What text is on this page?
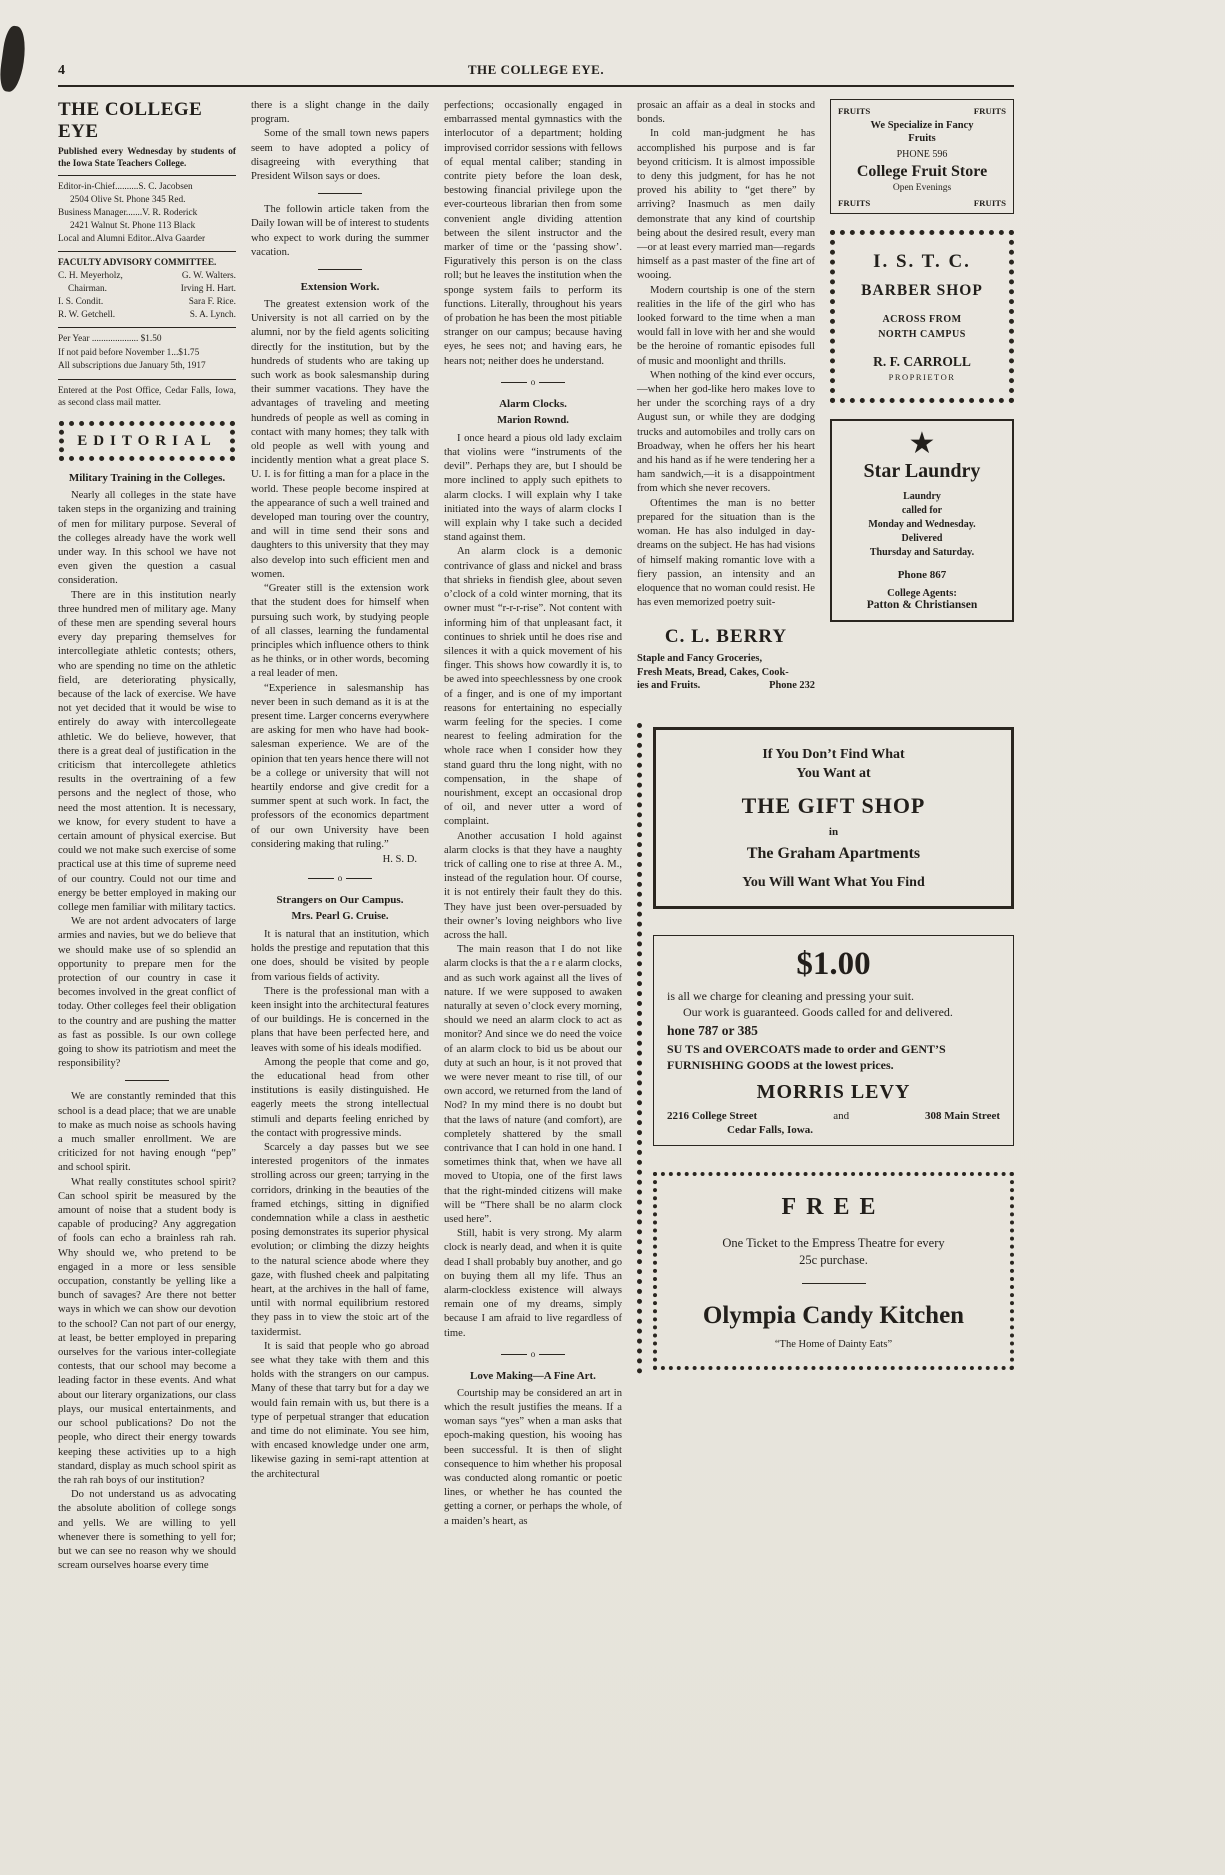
4	THE COLLEGE EYE.
THE COLLEGE EYE

Published every Wednesday by students of the Iowa State Teachers College.

Editor-in-Chief..........S. C. Jacobsen
2504 Olive St. Phone 345 Red.
Business Manager.......V. R. Roderick
2421 Walnut St. Phone 113 Black
Local and Alumni Editor..Alva Gaarder
FACULTY ADVISORY COMMITTEE.
C. H. Meyerholz,	G. W. Walters.
Chairman.	Irving H. Hart.
I. S. Condit.	Sara F. Rice.
R. W. Getchell.	S. A. Lynch.
Per Year .................... $1.50
If not paid before November 1...$1.75
All subscriptions due January 5th, 1917

Entered at the Post Office, Cedar Falls, Iowa, as second class mail matter.

EDITORIAL
Military Training in the Colleges.

Nearly all colleges in the state have taken steps in the organizing and training of men for military purpose. Several of the colleges already have the work well under way. In this school we have not even given the question a casual consideration.

There are in this institution nearly three hundred men of military age. Many of these men are spending several hours every day preparing themselves for intercollegiate athletic contests; others, who are spending no time on the athletic field, are deteriorating physically, because of the lack of exercise. We have not yet decided that it would be wise to entirely do away with intercollegeate athletic. We do believe, however, that there is a great deal of justification in the criticism that intercollegete athletics results in the overtraining of a few persons and the neglect of those, who need the most attention. It is necessary, we know, for every student to have a certain amount of physical exercise. But could we not make such exercise of some practical use at this time of supreme need of our country. Could not our time and energy be better employed in making our college men familiar with military tactics.

We are not ardent advocaters of large armies and navies, but we do believe that we should make use of so splendid an opportunity to prepare men for the protection of our country in case it becomes involved in the great conflict of today. Other colleges feel their obligation to the country and are pushing the matter as fast as possible. Is our own college going to show its patriotism and meet the responsibility?

We are constantly reminded that this school is a dead place; that we are unable to make as much noise as schools having a much smaller enrollment. We are criticized for not having enough “pep” and school spirit.

What really constitutes school spirit? Can school spirit be measured by the amount of noise that a student body is capable of producing? Any aggregation of fools can echo a brainless rah rah. Why should we, who pretend to be engaged in a more or less sensible occupation, constantly be yelling like a bunch of savages? Are there not better ways in which we can show our devotion to the school? Can not part of our energy, at least, be better employed in preparing ourselves for the various inter-collegiate contests, that our school may become a leading factor in these events. And what about our literary organizations, our class plays, our musical entertainments, and our school publications? Do not the people, who direct their energy towards keeping these activities up to a high standard, display as much school spirit as the rah rah boys of our institution?

Do not understand us as advocating the absolute abolition of college songs and yells. We are willing to yell whenever there is something to yell for; but we can see no reason why we should scream ourselves hoarse every time

there is a slight change in the daily program.

Some of the small town news papers seem to have adopted a policy of disagreeing with everything that President Wilson says or does.

The followin article taken from the Daily Iowan will be of interest to students who expect to work during the summer vacation.

Extension Work.

The greatest extension work of the University is not all carried on by the alumni, nor by the field agents soliciting directly for the institution, but by the hundreds of students who are taking up such work as book salesmanship during their summer vacations. They have the advantages of traveling and meeting hundreds of people as well as coming in contact with many homes; they talk with old people as well with young and incidently mention what a great place S. U. I. is for fitting a man for a place in the world. These people become inspired at the appearance of such a well trained and developed man touring over the country, and will in time send their sons and daughters to this university that they may also develop into such efficient men and women.

“Greater still is the extension work that the student does for himself when pursuing such work, by studying people of all classes, learning the fundamental principles which influence others to think as he thinks, or in other words, becoming a real leader of men.

“Experience in salesmanship has never been in such demand as it is at the present time. Larger concerns everywhere are asking for men who have had book-salesman experience. We are of the opinion that ten years hence there will not be a college or university that will not heartily endorse and give credit for a summer spent at such work. In fact, the professors of the economics department of our own University have been considering making that ruling.”

H. S. D.
o
Strangers on Our Campus.
Mrs. Pearl G. Cruise.

It is natural that an institution, which holds the prestige and reputation that this one does, should be visited by people from various fields of activity.

There is the professional man with a keen insight into the architectural features of our buildings. He is concerned in the plans that have been perfected here, and leaves with some of his ideals modified.

Among the people that come and go, the educational head from other institutions is easily distinguished. He eagerly meets the strong intellectual stimuli and departs feeling enriched by the contact with progressive minds.

Scarcely a day passes but we see interested progenitors of the inmates strolling across our green; tarrying in the corridors, drinking in the beauties of the framed etchings, sitting in dignified condemnation while a class in aesthetic posing demonstrates its superior physical evolution; or climbing the dizzy heights to the natural science abode where they gaze, with flushed cheek and palpitating heart, at the archives in the hall of fame, until with normal equilibrium restored they pass in to view the stoic art of the taxidermist.

It is said that people who go abroad see what they take with them and this holds with the strangers on our campus. Many of these that tarry but for a day we would fain remain with us, but there is a type of perpetual stranger that education and time do not eliminate. You see him, with encased knowledge under one arm, likewise gazing in semi-rapt attention at the architectural

perfections; occasionally engaged in embarrassed mental gymnastics with the interlocutor of a department; holding improvised corridor sessions with fellows of equal mental caliber; standing in contrite piety before the loan desk, bestowing financial privilege upon the ever-courteous librarian then from some convenient angle dividing attention between the silent instructor and the marker of time or the ‘passing show’. Figuratively this person is on the class roll; but he leaves the institution when the sponge system fails to perform its functions. Literally, throughout his years of probation he has been the most pitiable stranger on our campus; because having eyes, he sees not; and having ears, he hears not; neither does he understand.

o
Alarm Clocks.
Marion Rownd.

I once heard a pious old lady exclaim that violins were “instruments of the devil”. Perhaps they are, but I should be more inclined to apply such epithets to alarm clocks. I will explain why I take initiated into the ways of alarm clocks I will explain why I take such a decided stand against them.

An alarm clock is a demonic contrivance of glass and nickel and brass that shrieks in fiendish glee, about seven o’clock of a cold winter morning, that its owner must “r-r-r-rise”. Not content with informing him of that unpleasant fact, it continues to shriek until he does rise and silences it with a quick movement of his finger. This shows how cowardly it is, to be awed into speechlessness by one crook of a finger, and is one of my important reasons for entertaining no especially warm feeling for the species. I come nearest to feeling admiration for the whole race when I consider how they stand guard thru the long night, with no compensation, in the shape of nourishment, except an occasional drop of oil, and never utter a word of complaint.

Another accusation I hold against alarm clocks is that they have a naughty trick of calling one to rise at three A. M., instead of the regulation hour. Of course, it is not entirely their fault they do this. They have just been over-persuaded by their owner’s loving neighbors who live across the hall.

The main reason that I do not like alarm clocks is that the a r e alarm clocks, and as such work against all the lives of nature. If we were supposed to awaken naturally at seven o’clock every morning, should we need an alarm clock to act as monitor? And since we do need the voice of an alarm clock to bid us be about our duty at such an hour, is it not proved that we were never meant to rise till, of our own accord, we returned from the land of Nod? In my mind there is no doubt but that the laws of nature (and comfort), are completely shattered by the small contrivance that I can hold in one hand. I sometimes think that, when we have all moved to Utopia, one of the first laws that the right-minded citizens will make will be “There shall be no alarm clock used here”.

Still, habit is very strong. My alarm clock is nearly dead, and when it is quite dead I shall probably buy another, and go on buying them all my life. Thus an alarm-clockless existence will always remain one of my dreams, simply because I am afraid to live regardless of time.

o
Love Making—A Fine Art.

Courtship may be considered an art in which the result justifies the means. If a woman says “yes” when a man asks that epoch-making question, his wooing has been successful. It is then of slight consequence to him whether his proposal was conducted along romantic or poetic lines, or whether he has counted the getting a corner, or perhaps the whole, of a maiden’s heart, as

prosaic an affair as a deal in stocks and bonds.

In cold man-judgment he has accomplished his purpose and is far beyond criticism. It is almost impossible to deny this judgment, for has he not proved his ability to “get there” by arriving? Inasmuch as men daily demonstrate that any kind of courtship being about the desired result, every man—or at least every married man—regards himself as a past master of the fine art of wooing.

Modern courtship is one of the stern realities in the life of the girl who has looked forward to the time when a man would fall in love with her and she would be the heroine of romantic episodes full of music and moonlight and thrills.

When nothing of the kind ever occurs,—when her god-like hero makes love to her under the scorching rays of a dry August sun, or while they are dodging trucks and automobiles and trolly cars on Broadway, when he offers her his heart and his hand as if he were tendering her a ham sandwich,—it is a disappointment from which she never recovers.

Oftentimes the man is no better prepared for the situation than is the woman. He has also indulged in day-dreams on the subject. He has had visions of himself making romantic love with a fiery passion, an intensity and an eloquence that no woman could resist. He has even memorized poetry suit-

C. L. BERRY
Staple and Fancy Groceries,
Fresh Meats, Bread, Cakes, Cook-
ies and Fruits.	Phone 232
FRUITS	FRUITS
We Specialize in Fancy
Fruits
PHONE 596
College Fruit Store
Open Evenings
FRUITS	FRUITS
I. S. T. C.
BARBER SHOP
ACROSS FROM
NORTH CAMPUS
R. F. CARROLL
PROPRIETOR
★
Star Laundry
Laundry
called for
Monday and Wednesday.
Delivered
Thursday and Saturday.
Phone 867
College Agents:
Patton & Christiansen
If You Don’t Find What
You Want at
THE GIFT SHOP
in
The Graham Apartments
You Will Want What You Find
$1.00
is all we charge for cleaning and pressing your suit.
Our work is guaranteed. Goods called for and delivered.
hone 787 or 385
SU TS and OVERCOATS made to order and GENT’S FURNISHING GOODS at the lowest prices.
MORRIS LEVY
2216 College Street	and	308 Main Street
Cedar Falls, Iowa.
FREE
One Ticket to the Empress Theatre for every
25c purchase.
Olympia Candy Kitchen
“The Home of Dainty Eats”
